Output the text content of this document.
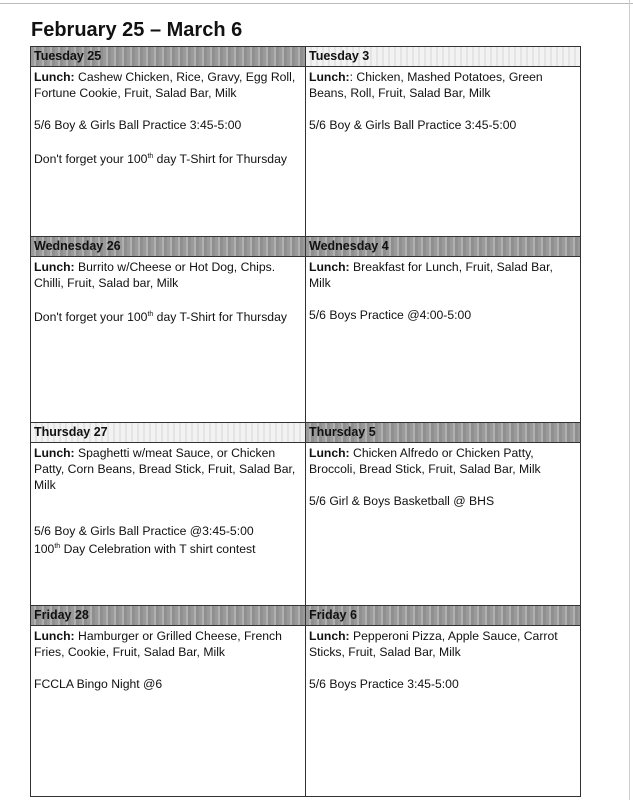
February 25 – March 6
Tuesday 25

Lunch: Cashew Chicken, Rice, Gravy, Egg Roll, Fortune Cookie, Fruit, Salad Bar, Milk

5/6 Boy & Girls Ball Practice 3:45-5:00

Don't forget your 100th day T-Shirt for Thursday

Tuesday 3

Lunch:: Chicken, Mashed Potatoes, Green Beans, Roll, Fruit, Salad Bar, Milk

5/6 Boy & Girls Ball Practice 3:45-5:00

Wednesday 26

Lunch: Burrito w/Cheese or Hot Dog, Chips. Chilli, Fruit, Salad bar, Milk

Don't forget your 100th day T-Shirt for Thursday

Wednesday 4

Lunch: Breakfast for Lunch, Fruit, Salad Bar, Milk

5/6 Boys Practice @4:00-5:00

Thursday 27

Lunch: Spaghetti w/meat Sauce, or Chicken Patty, Corn Beans, Bread Stick, Fruit, Salad Bar, Milk

5/6 Boy & Girls Ball Practice @3:45-5:00

100th Day Celebration with T shirt contest

Thursday 5

Lunch: Chicken Alfredo or Chicken Patty, Broccoli, Bread Stick, Fruit, Salad Bar, Milk

5/6 Girl & Boys Basketball @ BHS

Friday 28

Lunch: Hamburger or Grilled Cheese, French Fries, Cookie, Fruit, Salad Bar, Milk

FCCLA Bingo Night @6

Friday 6

Lunch: Pepperoni Pizza, Apple Sauce, Carrot Sticks, Fruit, Salad Bar, Milk

5/6 Boys Practice 3:45-5:00
